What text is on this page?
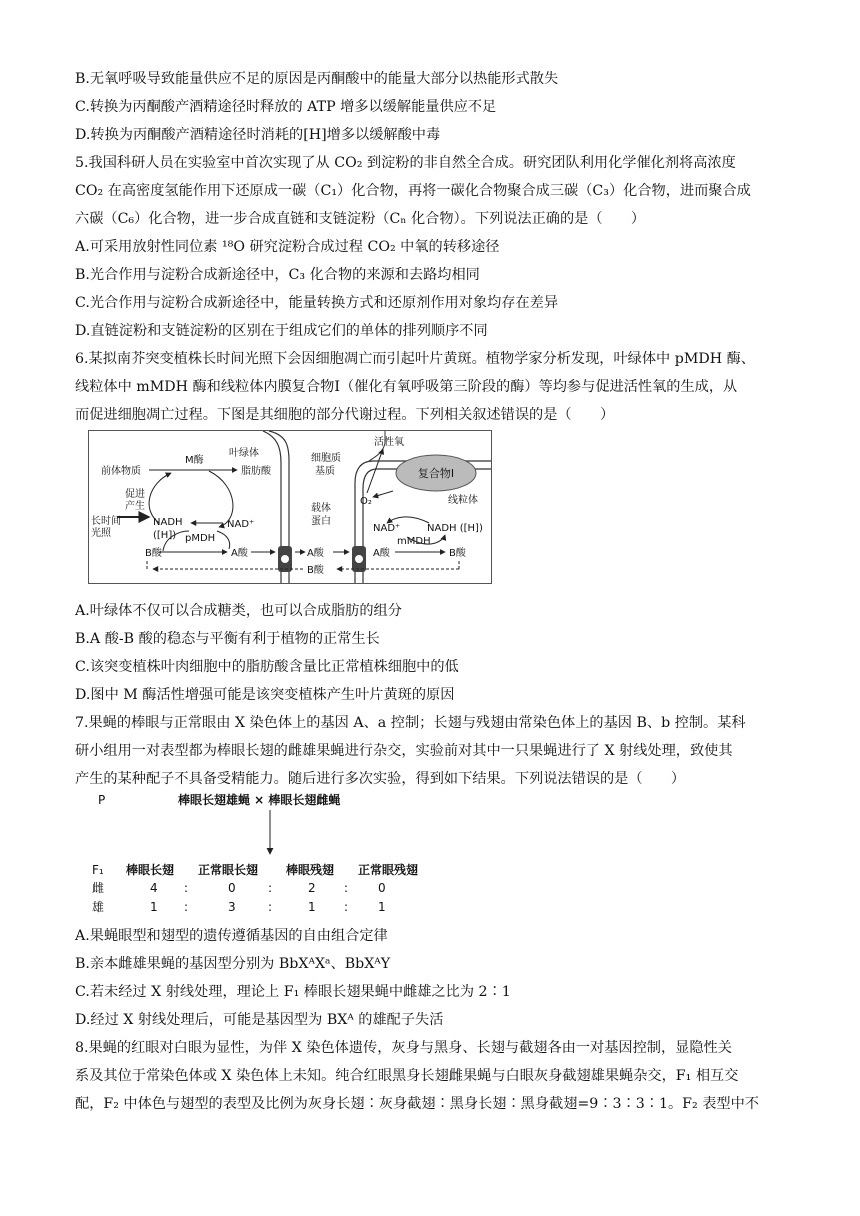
B.无氧呼吸导致能量供应不足的原因是丙酮酸中的能量大部分以热能形式散失
C.转换为丙酮酸产酒精途径时释放的 ATP 增多以缓解能量供应不足
D.转换为丙酮酸产酒精途径时消耗的[H]增多以缓解酸中毒
5.我国科研人员在实验室中首次实现了从 CO₂ 到淀粉的非自然全合成。研究团队利用化学催化剂将高浓度
CO₂ 在高密度氢能作用下还原成一碳（C₁）化合物，再将一碳化合物聚合成三碳（C₃）化合物，进而聚合成
六碳（C₆）化合物，进一步合成直链和支链淀粉（Cₙ 化合物）。下列说法正确的是（　　）
A.可采用放射性同位素 ¹⁸O 研究淀粉合成过程 CO₂ 中氧的转移途径
B.光合作用与淀粉合成新途径中，C₃ 化合物的来源和去路均相同
C.光合作用与淀粉合成新途径中，能量转换方式和还原剂作用对象均存在差异
D.直链淀粉和支链淀粉的区别在于组成它们的单体的排列顺序不同
6.某拟南芥突变植株长时间光照下会因细胞凋亡而引起叶片黄斑。植物学家分析发现，叶绿体中 pMDH 酶、
线粒体中 mMDH 酶和线粒体内膜复合物Ⅰ（催化有氧呼吸第三阶段的酶）等均参与促进活性氧的生成，从
而促进细胞凋亡过程。下图是其细胞的部分代谢过程。下列相关叙述错误的是（　　）
复合物Ⅰ
叶绿体	细胞质
基质
活性氧
线粒体
前体物质
M酶
脂肪酸
促进
产生
长时间
光照
NADH
([H])
NAD⁺
pMDH
B酸	A酸
载体
蛋白
A酸
B酸
O₂
NAD⁺	NADH ([H])
mMDH
A酸	B酸
A.叶绿体不仅可以合成糖类，也可以合成脂肪的组分
B.A 酸-B 酸的稳态与平衡有利于植物的正常生长
C.该突变植株叶肉细胞中的脂肪酸含量比正常植株细胞中的低
D.图中 M 酶活性增强可能是该突变植株产生叶片黄斑的原因
7.果蝇的棒眼与正常眼由 X 染色体上的基因 A、a 控制；长翅与残翅由常染色体上的基因 B、b 控制。某科
研小组用一对表型都为棒眼长翅的雌雄果蝇进行杂交，实验前对其中一只果蝇进行了 X 射线处理，致使其
产生的某种配子不具备受精能力。随后进行多次实验，得到如下结果。下列说法错误的是（　　）
P	棒眼长翅雄蝇 × 棒眼长翅雌蝇
F₁ 棒眼长翅 正常眼长翅 棒眼残翅 正常眼残翅
雌	4 :	0	:	2 : 0
雄	1 :	3	:	1 : 1
A.果蝇眼型和翅型的遗传遵循基因的自由组合定律
B.亲本雌雄果蝇的基因型分别为 BbXᴬXᵃ、BbXᴬY
C.若未经过 X 射线处理，理论上 F₁ 棒眼长翅果蝇中雌雄之比为 2∶1
D.经过 X 射线处理后，可能是基因型为 BXᴬ 的雄配子失活
8.果蝇的红眼对白眼为显性，为伴 X 染色体遗传，灰身与黑身、长翅与截翅各由一对基因控制，显隐性关
系及其位于常染色体或 X 染色体上未知。纯合红眼黑身长翅雌果蝇与白眼灰身截翅雄果蝇杂交，F₁ 相互交
配，F₂ 中体色与翅型的表型及比例为灰身长翅∶灰身截翅∶黑身长翅∶黑身截翅=9∶3∶3∶1。F₂ 表型中不
